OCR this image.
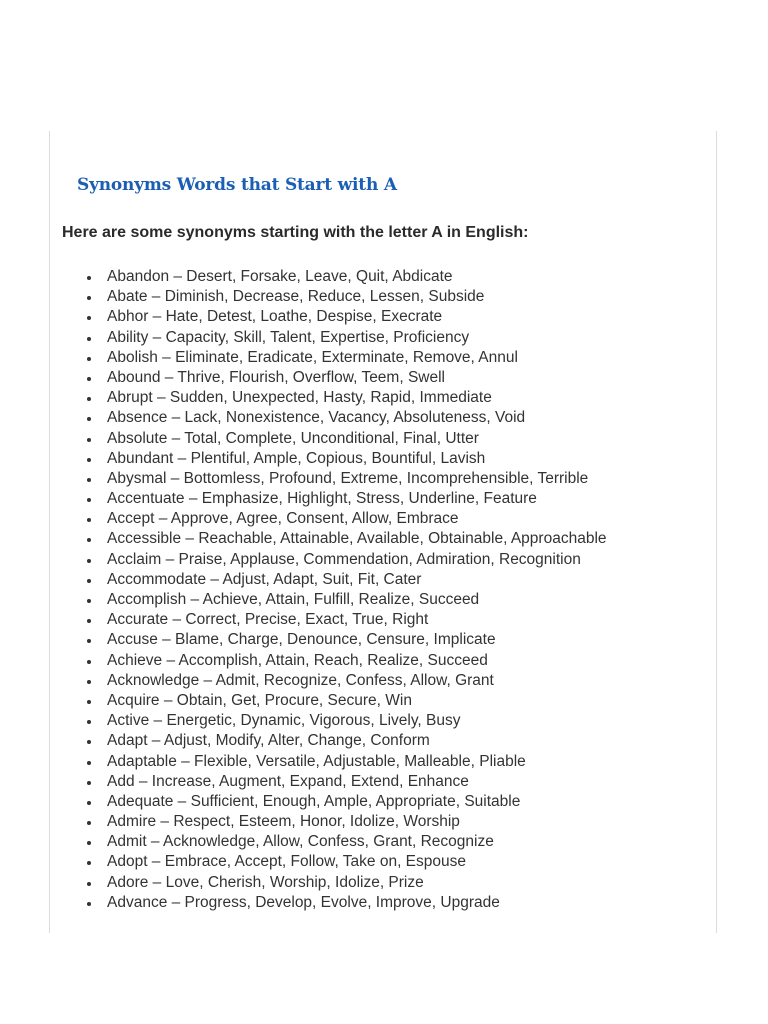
Synonyms Words that Start with A

Here are some synonyms starting with the letter A in English:

Abandon – Desert, Forsake, Leave, Quit, Abdicate
Abate – Diminish, Decrease, Reduce, Lessen, Subside
Abhor – Hate, Detest, Loathe, Despise, Execrate
Ability – Capacity, Skill, Talent, Expertise, Proficiency
Abolish – Eliminate, Eradicate, Exterminate, Remove, Annul
Abound – Thrive, Flourish, Overflow, Teem, Swell
Abrupt – Sudden, Unexpected, Hasty, Rapid, Immediate
Absence – Lack, Nonexistence, Vacancy, Absoluteness, Void
Absolute – Total, Complete, Unconditional, Final, Utter
Abundant – Plentiful, Ample, Copious, Bountiful, Lavish
Abysmal – Bottomless, Profound, Extreme, Incomprehensible, Terrible
Accentuate – Emphasize, Highlight, Stress, Underline, Feature
Accept – Approve, Agree, Consent, Allow, Embrace
Accessible – Reachable, Attainable, Available, Obtainable, Approachable
Acclaim – Praise, Applause, Commendation, Admiration, Recognition
Accommodate – Adjust, Adapt, Suit, Fit, Cater
Accomplish – Achieve, Attain, Fulfill, Realize, Succeed
Accurate – Correct, Precise, Exact, True, Right
Accuse – Blame, Charge, Denounce, Censure, Implicate
Achieve – Accomplish, Attain, Reach, Realize, Succeed
Acknowledge – Admit, Recognize, Confess, Allow, Grant
Acquire – Obtain, Get, Procure, Secure, Win
Active – Energetic, Dynamic, Vigorous, Lively, Busy
Adapt – Adjust, Modify, Alter, Change, Conform
Adaptable – Flexible, Versatile, Adjustable, Malleable, Pliable
Add – Increase, Augment, Expand, Extend, Enhance
Adequate – Sufficient, Enough, Ample, Appropriate, Suitable
Admire – Respect, Esteem, Honor, Idolize, Worship
Admit – Acknowledge, Allow, Confess, Grant, Recognize
Adopt – Embrace, Accept, Follow, Take on, Espouse
Adore – Love, Cherish, Worship, Idolize, Prize
Advance – Progress, Develop, Evolve, Improve, Upgrade
